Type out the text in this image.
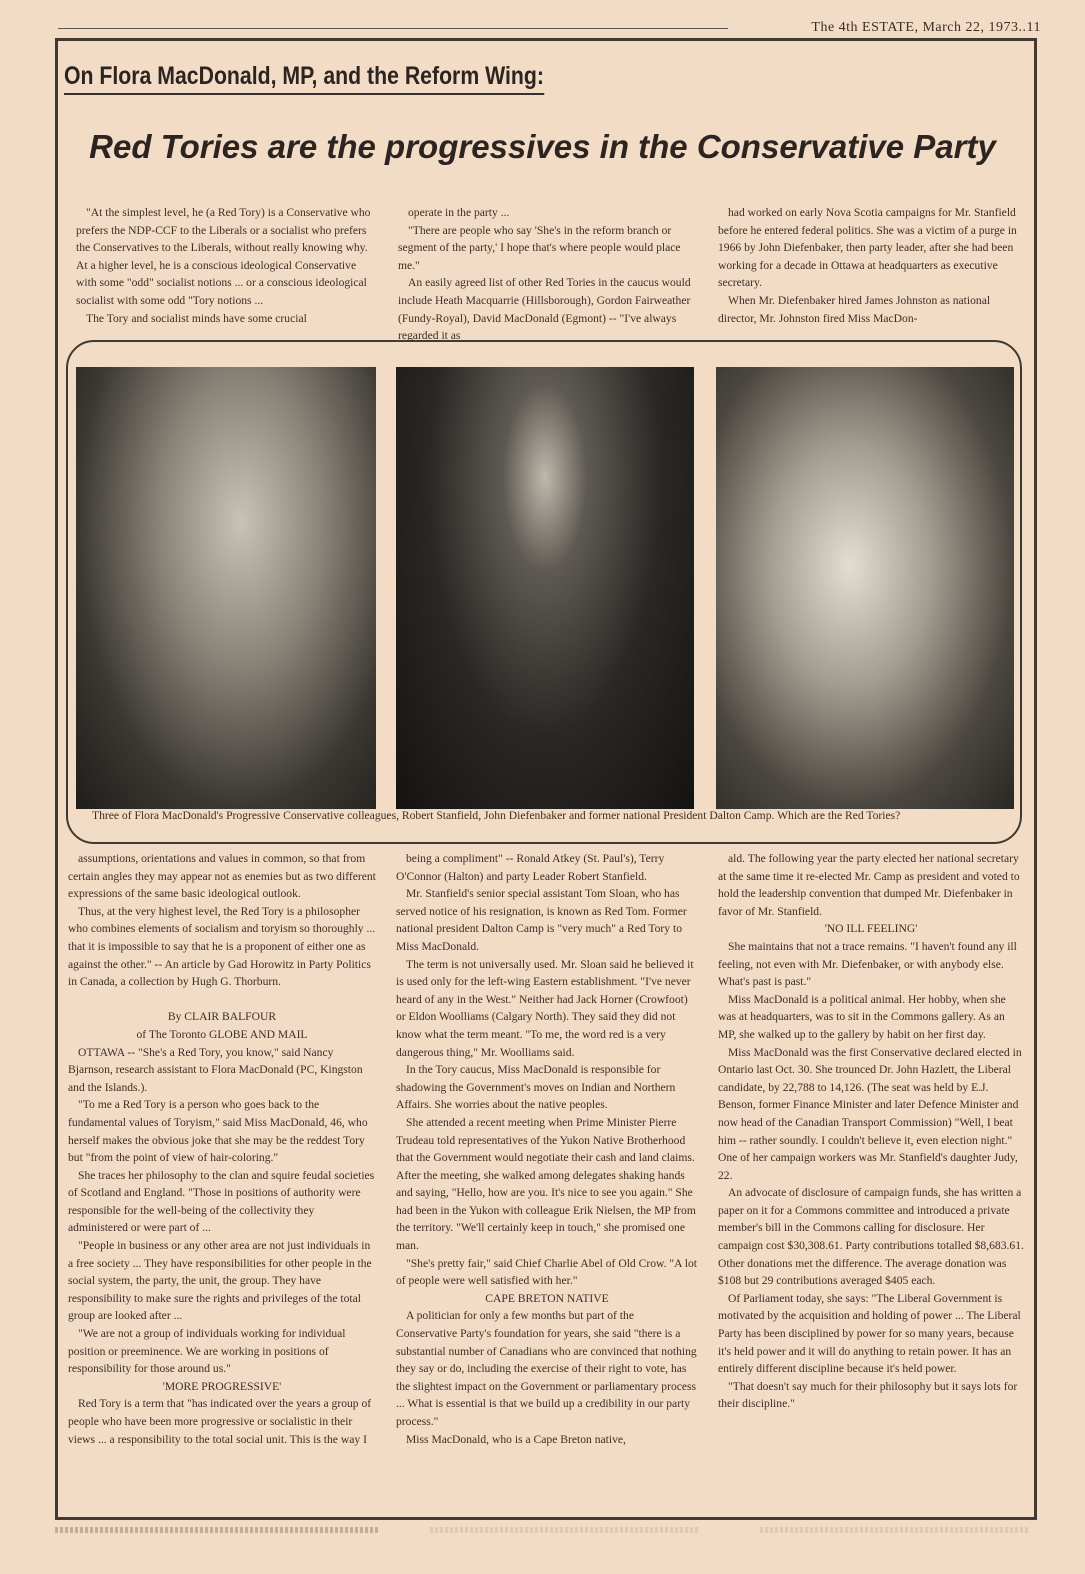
The 4th ESTATE, March 22, 1973..11
On Flora MacDonald, MP, and the Reform Wing:
Red Tories are the progressives in the Conservative Party

"At the simplest level, he (a Red Tory) is a Conservative who prefers the NDP-CCF to the Liberals or a socialist who prefers the Conservatives to the Liberals, without really knowing why. At a higher level, he is a conscious ideological Conservative with some "odd" socialist notions ... or a conscious ideological socialist with some odd "Tory notions ...

The Tory and socialist minds have some crucial

operate in the party ...

"There are people who say 'She's in the reform branch or segment of the party,' I hope that's where people would place me."

An easily agreed list of other Red Tories in the caucus would include Heath Macquarrie (Hillsborough), Gordon Fairweather (Fundy-Royal), David MacDonald (Egmont) -- "I've always regarded it as

had worked on early Nova Scotia campaigns for Mr. Stanfield before he entered federal politics. She was a victim of a purge in 1966 by John Diefenbaker, then party leader, after she had been working for a decade in Ottawa at headquarters as executive secretary.

When Mr. Diefenbaker hired James Johnston as national director, Mr. Johnston fired Miss MacDon-

Three of Flora MacDonald's Progressive Conservative colleagues, Robert Stanfield, John Diefenbaker and former national President Dalton Camp. Which are the Red Tories?

assumptions, orientations and values in common, so that from certain angles they may appear not as enemies but as two different expressions of the same basic ideological outlook.

Thus, at the very highest level, the Red Tory is a philosopher who combines elements of socialism and toryism so thoroughly ... that it is impossible to say that he is a proponent of either one as against the other." -- An article by Gad Horowitz in Party Politics in Canada, a collection by Hugh G. Thorburn.

By CLAIR BALFOUR

of The Toronto GLOBE AND MAIL

OTTAWA -- "She's a Red Tory, you know," said Nancy Bjarnson, research assistant to Flora MacDonald (PC, Kingston and the Islands.).

"To me a Red Tory is a person who goes back to the fundamental values of Toryism," said Miss MacDonald, 46, who herself makes the obvious joke that she may be the reddest Tory but "from the point of view of hair-coloring."

She traces her philosophy to the clan and squire feudal societies of Scotland and England. "Those in positions of authority were responsible for the well-being of the collectivity they administered or were part of ...

"People in business or any other area are not just individuals in a free society ... They have responsibilities for other people in the social system, the party, the unit, the group. They have responsibility to make sure the rights and privileges of the total group are looked after ...

"We are not a group of individuals working for individual position or preeminence. We are working in positions of responsibility for those around us."

'MORE PROGRESSIVE'

Red Tory is a term that "has indicated over the years a group of people who have been more progressive or socialistic in their views ... a responsibility to the total social unit. This is the way I

being a compliment" -- Ronald Atkey (St. Paul's), Terry O'Connor (Halton) and party Leader Robert Stanfield.

Mr. Stanfield's senior special assistant Tom Sloan, who has served notice of his resignation, is known as Red Tom. Former national president Dalton Camp is "very much" a Red Tory to Miss MacDonald.

The term is not universally used. Mr. Sloan said he believed it is used only for the left-wing Eastern establishment. "I've never heard of any in the West." Neither had Jack Horner (Crowfoot) or Eldon Woolliams (Calgary North). They said they did not know what the term meant. "To me, the word red is a very dangerous thing," Mr. Woolliams said.

In the Tory caucus, Miss MacDonald is responsible for shadowing the Government's moves on Indian and Northern Affairs. She worries about the native peoples.

She attended a recent meeting when Prime Minister Pierre Trudeau told representatives of the Yukon Native Brotherhood that the Government would negotiate their cash and land claims. After the meeting, she walked among delegates shaking hands and saying, "Hello, how are you. It's nice to see you again." She had been in the Yukon with colleague Erik Nielsen, the MP from the territory. "We'll certainly keep in touch," she promised one man.

"She's pretty fair," said Chief Charlie Abel of Old Crow. "A lot of people were well satisfied with her."

CAPE BRETON NATIVE

A politician for only a few months but part of the Conservative Party's foundation for years, she said "there is a substantial number of Canadians who are convinced that nothing they say or do, including the exercise of their right to vote, has the slightest impact on the Government or parliamentary process ... What is essential is that we build up a credibility in our party process."

Miss MacDonald, who is a Cape Breton native,

ald. The following year the party elected her national secretary at the same time it re-elected Mr. Camp as president and voted to hold the leadership convention that dumped Mr. Diefenbaker in favor of Mr. Stanfield.

'NO ILL FEELING'

She maintains that not a trace remains. "I haven't found any ill feeling, not even with Mr. Diefenbaker, or with anybody else. What's past is past."

Miss MacDonald is a political animal. Her hobby, when she was at headquarters, was to sit in the Commons gallery. As an MP, she walked up to the gallery by habit on her first day.

Miss MacDonald was the first Conservative declared elected in Ontario last Oct. 30. She trounced Dr. John Hazlett, the Liberal candidate, by 22,788 to 14,126. (The seat was held by E.J. Benson, former Finance Minister and later Defence Minister and now head of the Canadian Transport Commission) "Well, I beat him -- rather soundly. I couldn't believe it, even election night." One of her campaign workers was Mr. Stanfield's daughter Judy, 22.

An advocate of disclosure of campaign funds, she has written a paper on it for a Commons committee and introduced a private member's bill in the Commons calling for disclosure. Her campaign cost $30,308.61. Party contributions totalled $8,683.61. Other donations met the difference. The average donation was $108 but 29 contributions averaged $405 each.

Of Parliament today, she says: "The Liberal Government is motivated by the acquisition and holding of power ... The Liberal Party has been disciplined by power for so many years, because it's held power and it will do anything to retain power. It has an entirely different discipline because it's held power.

"That doesn't say much for their philosophy but it says lots for their discipline."
